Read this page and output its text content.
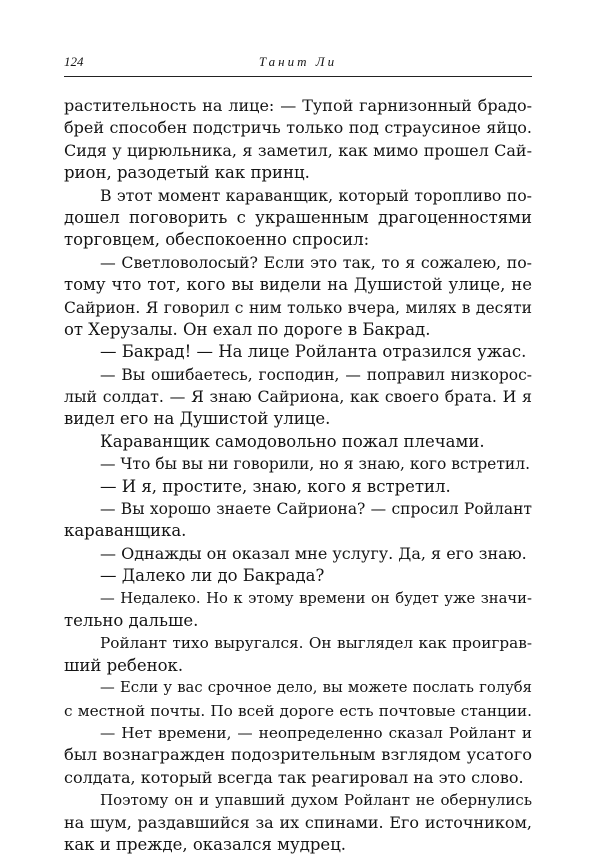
124	Танит Ли
растительность на лице: — Тупой гарнизонный брадо-
брей способен подстричь только под страусиное яйцо.
Сидя у цирюльника, я заметил, как мимо прошел Сай-
рион, разодетый как принц.
В этот момент караванщик, который торопливо по-
дошел поговорить с украшенным драгоценностями
торговцем, обеспокоенно спросил:
— Светловолосый? Если это так, то я сожалею, по-
тому что тот, кого вы видели на Душистой улице, не
Сайрион. Я говорил с ним только вчера, милях в десяти
от Херузалы. Он ехал по дороге в Бакрад.
— Бакрад! — На лице Ройланта отразился ужас.
— Вы ошибаетесь, господин, — поправил низкорос-
лый солдат. — Я знаю Сайриона, как своего брата. И я
видел его на Душистой улице.
Караванщик самодовольно пожал плечами.
— Что бы вы ни говорили, но я знаю, кого встретил.
— И я, простите, знаю, кого я встретил.
— Вы хорошо знаете Сайриона? — спросил Ройлант
караванщика.
— Однажды он оказал мне услугу. Да, я его знаю.
— Далеко ли до Бакрада?
— Недалеко. Но к этому времени он будет уже значи-
тельно дальше.
Ройлант тихо выругался. Он выглядел как проиграв-
ший ребенок.
— Если у вас срочное дело, вы можете послать голубя
с местной почты. По всей дороге есть почтовые станции.
— Нет времени, — неопределенно сказал Ройлант и
был вознагражден подозрительным взглядом усатого
солдата, который всегда так реагировал на это слово.
Поэтому он и упавший духом Ройлант не обернулись
на шум, раздавшийся за их спинами. Его источником,
как и прежде, оказался мудрец.
